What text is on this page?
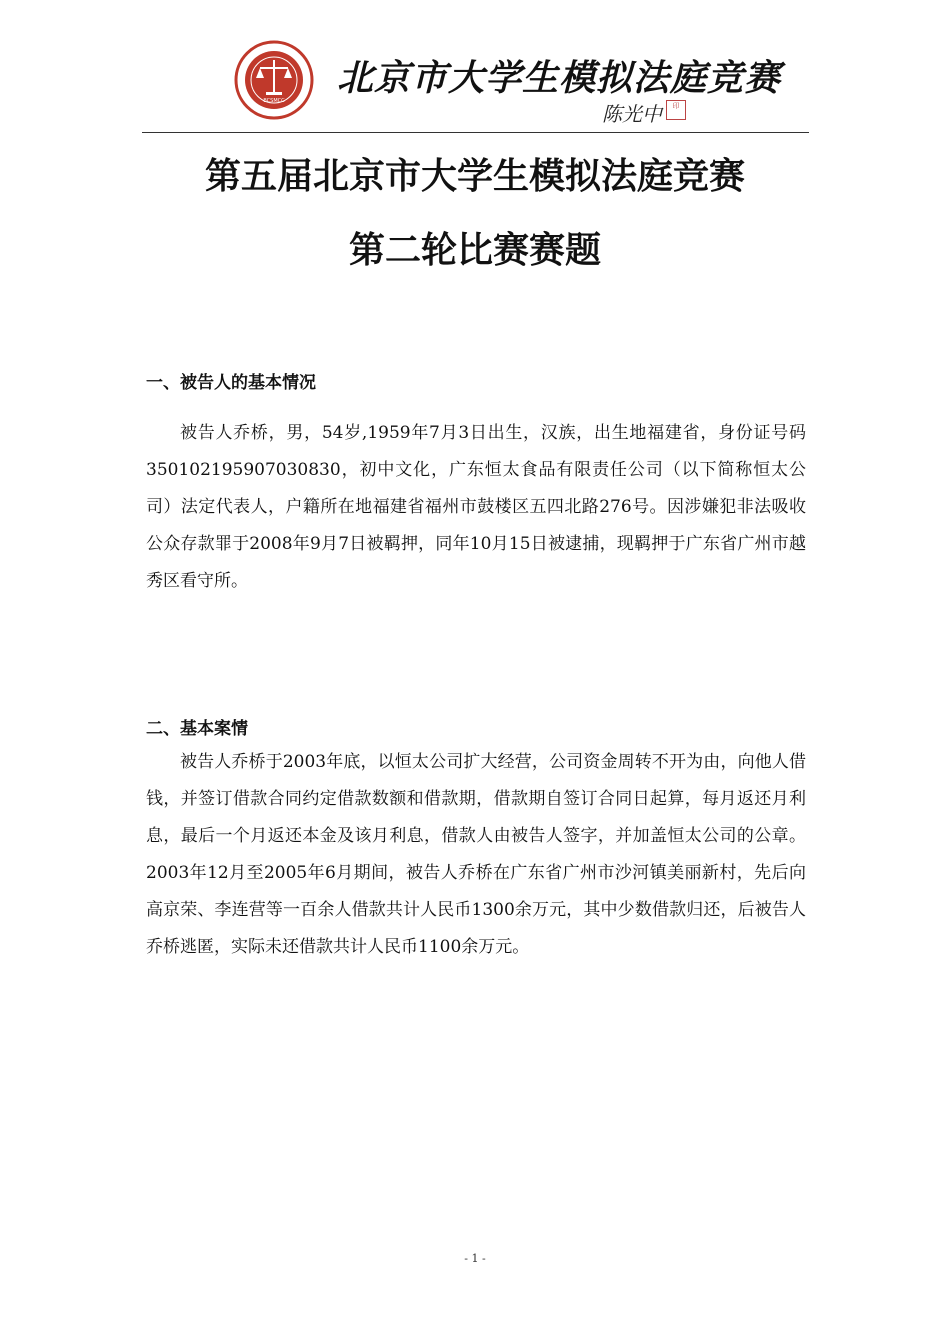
BCSMCC
北京市大学生模拟法庭竞赛
陈光中	印
第五届北京市大学生模拟法庭竞赛
第二轮比赛赛题
一、被告人的基本情况

被告人乔桥，男，54岁,1959年7月3日出生，汉族，出生地福建省，身份证号码350102195907030830，初中文化，广东恒太食品有限责任公司（以下简称恒太公司）法定代表人，户籍所在地福建省福州市鼓楼区五四北路276号。因涉嫌犯非法吸收公众存款罪于2008年9月7日被羁押，同年10月15日被逮捕，现羁押于广东省广州市越秀区看守所。

二、基本案情

被告人乔桥于2003年底，以恒太公司扩大经营，公司资金周转不开为由，向他人借钱，并签订借款合同约定借款数额和借款期，借款期自签订合同日起算，每月返还月利息，最后一个月返还本金及该月利息，借款人由被告人签字，并加盖恒太公司的公章。2003年12月至2005年6月期间，被告人乔桥在广东省广州市沙河镇美丽新村，先后向高京荣、李连营等一百余人借款共计人民币1300余万元，其中少数借款归还，后被告人乔桥逃匿，实际未还借款共计人民币1100余万元。

- 1 -
